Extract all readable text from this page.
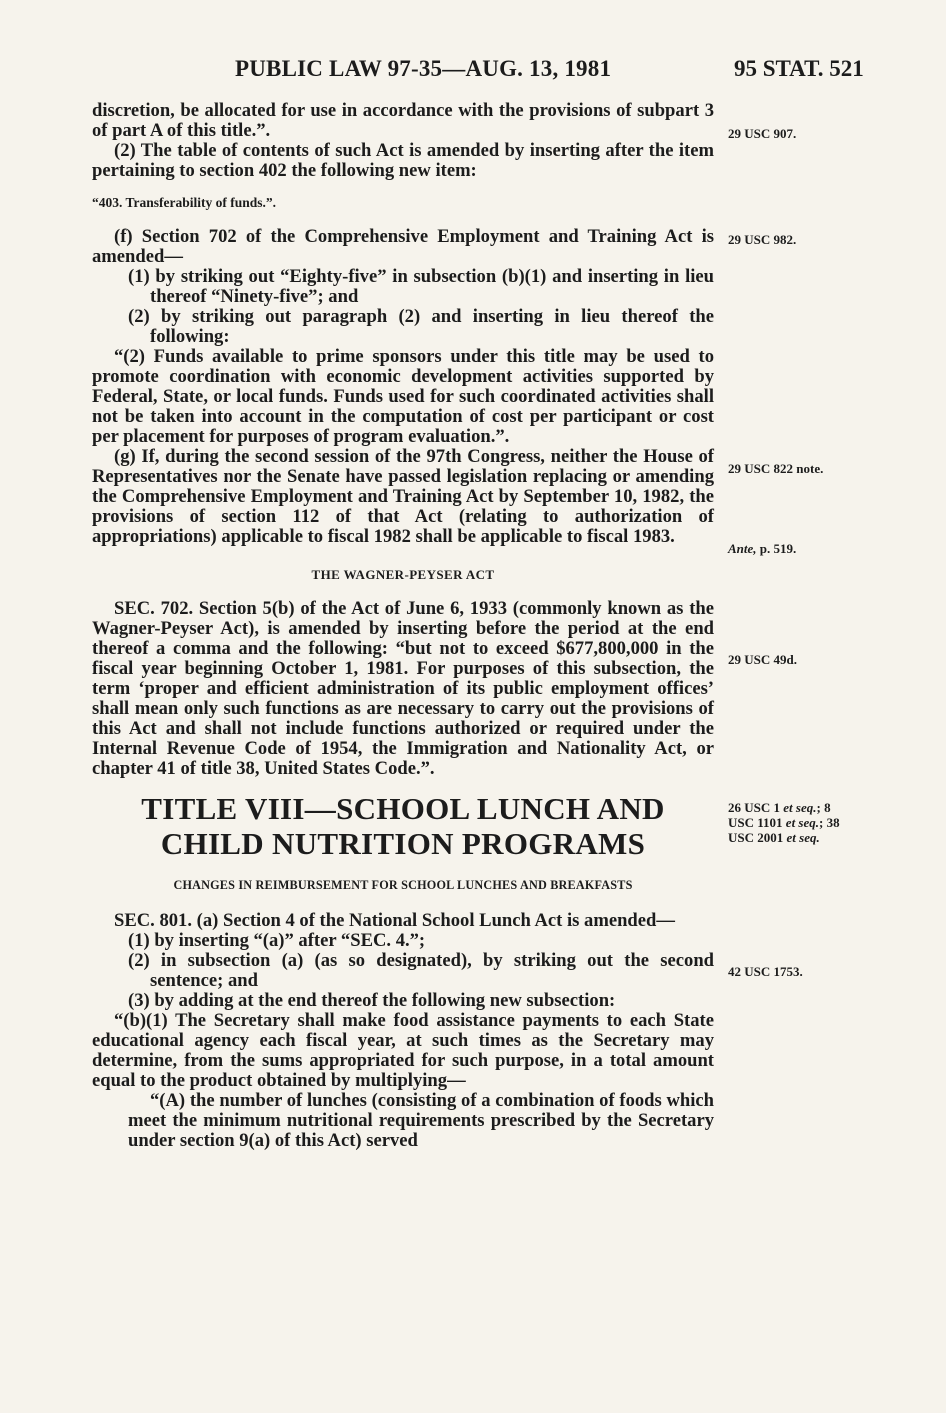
PUBLIC LAW 97-35—AUG. 13, 1981	95 STAT. 521

discretion, be allocated for use in accordance with the provisions of subpart 3 of part A of this title.”.

(2) The table of contents of such Act is amended by inserting after the item pertaining to section 402 the following new item:

“403. Transferability of funds.”.

(f) Section 702 of the Comprehensive Employment and Training Act is amended—

(1) by striking out “Eighty-five” in subsection (b)(1) and inserting in lieu thereof “Ninety-five”; and

(2) by striking out paragraph (2) and inserting in lieu thereof the following:

“(2) Funds available to prime sponsors under this title may be used to promote coordination with economic development activities supported by Federal, State, or local funds. Funds used for such coordinated activities shall not be taken into account in the computation of cost per participant or cost per placement for purposes of program evaluation.”.

(g) If, during the second session of the 97th Congress, neither the House of Representatives nor the Senate have passed legislation replacing or amending the Comprehensive Employment and Training Act by September 10, 1982, the provisions of section 112 of that Act (relating to authorization of appropriations) applicable to fiscal 1982 shall be applicable to fiscal 1983.

THE WAGNER-PEYSER ACT

SEC. 702. Section 5(b) of the Act of June 6, 1933 (commonly known as the Wagner-Peyser Act), is amended by inserting before the period at the end thereof a comma and the following: “but not to exceed $677,800,000 in the fiscal year beginning October 1, 1981. For purposes of this subsection, the term ‘proper and efficient administration of its public employment offices’ shall mean only such functions as are necessary to carry out the provisions of this Act and shall not include functions authorized or required under the Internal Revenue Code of 1954, the Immigration and Nationality Act, or chapter 41 of title 38, United States Code.”.

TITLE VIII—SCHOOL LUNCH AND CHILD NUTRITION PROGRAMS

CHANGES IN REIMBURSEMENT FOR SCHOOL LUNCHES AND BREAKFASTS

SEC. 801. (a) Section 4 of the National School Lunch Act is amended—

(1) by inserting “(a)” after “SEC. 4.”;

(2) in subsection (a) (as so designated), by striking out the second sentence; and

(3) by adding at the end thereof the following new subsection:

“(b)(1) The Secretary shall make food assistance payments to each State educational agency each fiscal year, at such times as the Secretary may determine, from the sums appropriated for such purpose, in a total amount equal to the product obtained by multiplying—

“(A) the number of lunches (consisting of a combination of foods which meet the minimum nutritional requirements prescribed by the Secretary under section 9(a) of this Act) served

29 USC 907.
29 USC 982.
29 USC 822 note.
Ante, p. 519.
29 USC 49d.
26 USC 1 et seq.; 8 USC 1101 et seq.; 38 USC 2001 et seq.
42 USC 1753.
